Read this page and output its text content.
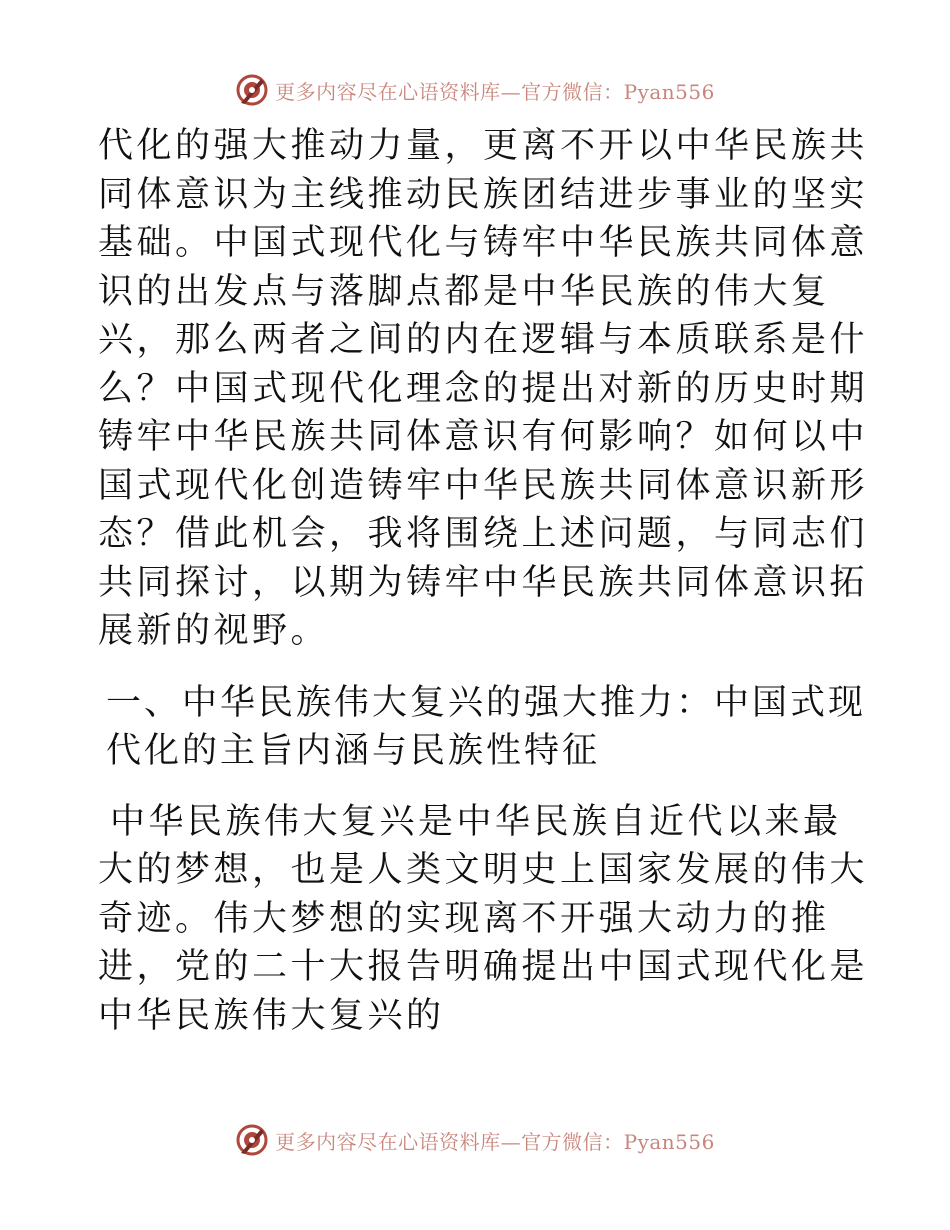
更多内容尽在心语资料库—官方微信：Pyan556

代化的强大推动力量，更离不开以中华民族共同体意识为主线推动民族团结进步事业的坚实基础。中国式现代化与铸牢中华民族共同体意识的出发点与落脚点都是中华民族的伟大复兴，那么两者之间的内在逻辑与本质联系是什么？中国式现代化理念的提出对新的历史时期铸牢中华民族共同体意识有何影响？如何以中国式现代化创造铸牢中华民族共同体意识新形态？借此机会，我将围绕上述问题，与同志们共同探讨，以期为铸牢中华民族共同体意识拓展新的视野。

一、中华民族伟大复兴的强大推力：中国式现代化的主旨内涵与民族性特征

中华民族伟大复兴是中华民族自近代以来最大的梦想，也是人类文明史上国家发展的伟大奇迹。伟大梦想的实现离不开强大动力的推进，党的二十大报告明确提出中国式现代化是中华民族伟大复兴的

更多内容尽在心语资料库—官方微信：Pyan556
